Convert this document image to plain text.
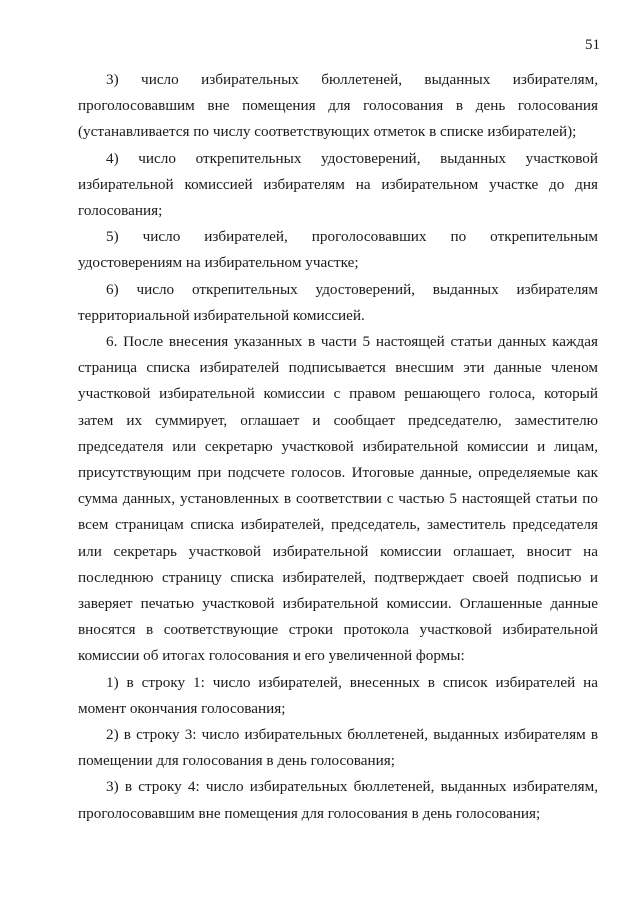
51

3) число избирательных бюллетеней, выданных избирателям, проголосовавшим вне помещения для голосования в день голосования (устанавливается по числу соответствующих отметок в списке избирателей);

4) число открепительных удостоверений, выданных участковой избирательной комиссией избирателям на избирательном участке до дня голосования;

5) число избирателей, проголосовавших по открепительным удостоверениям на избирательном участке;

6) число открепительных удостоверений, выданных избирателям территориальной избирательной комиссией.

6. После внесения указанных в части 5 настоящей статьи данных каждая страница списка избирателей подписывается внесшим эти данные членом участковой избирательной комиссии с правом решающего голоса, который затем их суммирует, оглашает и сообщает председателю, заместителю председателя или секретарю участковой избирательной комиссии и лицам, присутствующим при подсчете голосов. Итоговые данные, определяемые как сумма данных, установленных в соответствии с частью 5 настоящей статьи по всем страницам списка избирателей, председатель, заместитель председателя или секретарь участковой избирательной комиссии оглашает, вносит на последнюю страницу списка избирателей, подтверждает своей подписью и заверяет печатью участковой избирательной комиссии. Оглашенные данные вносятся в соответствующие строки протокола участковой избирательной комиссии об итогах голосования и его увеличенной формы:

1) в строку 1: число избирателей, внесенных в список избирателей на момент окончания голосования;

2) в строку 3: число избирательных бюллетеней, выданных избирателям в помещении для голосования в день голосования;

3) в строку 4: число избирательных бюллетеней, выданных избирателям, проголосовавшим вне помещения для голосования в день голосования;
